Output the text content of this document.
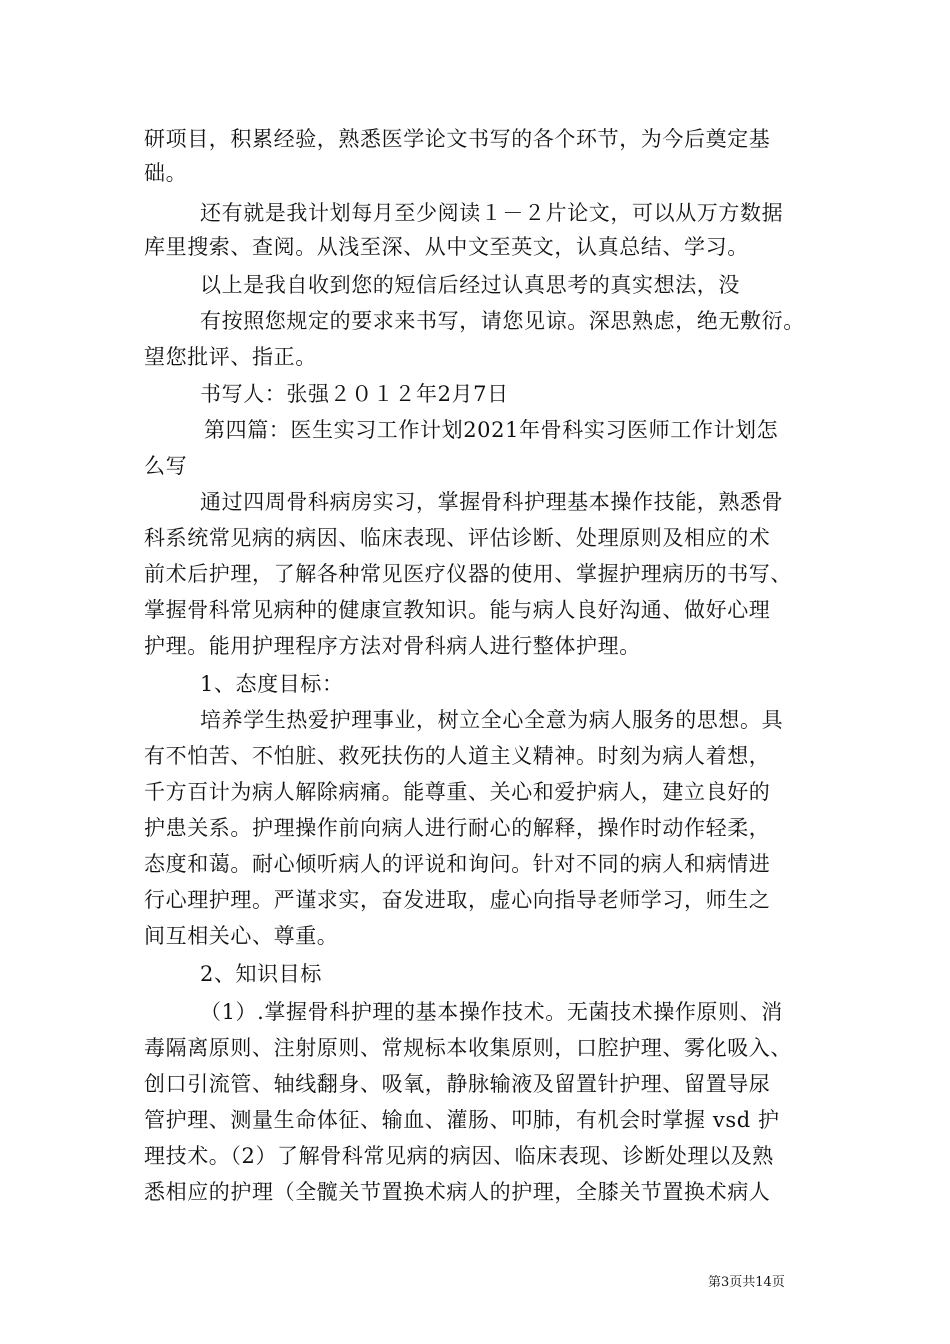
研项目，积累经验，熟悉医学论文书写的各个环节，为今后奠定基
础。
还有就是我计划每月至少阅读１－２片论文，可以从万方数据
库里搜索、查阅。从浅至深、从中文至英文，认真总结、学习。
以上是我自收到您的短信后经过认真思考的真实想法，没
有按照您规定的要求来书写，请您见谅。深思熟虑，绝无敷衍。
望您批评、指正。
书写人：张强２０１２年2月7日
第四篇：医生实习工作计划2021年骨科实习医师工作计划怎
么写
通过四周骨科病房实习，掌握骨科护理基本操作技能，熟悉骨
科系统常见病的病因、临床表现、评估诊断、处理原则及相应的术
前术后护理，了解各种常见医疗仪器的使用、掌握护理病历的书写、
掌握骨科常见病种的健康宣教知识。能与病人良好沟通、做好心理
护理。能用护理程序方法对骨科病人进行整体护理。
1、态度目标：
培养学生热爱护理事业，树立全心全意为病人服务的思想。具
有不怕苦、不怕脏、救死扶伤的人道主义精神。时刻为病人着想，
千方百计为病人解除病痛。能尊重、关心和爱护病人，建立良好的
护患关系。护理操作前向病人进行耐心的解释，操作时动作轻柔，
态度和蔼。耐心倾听病人的评说和询问。针对不同的病人和病情进
行心理护理。严谨求实，奋发进取，虚心向指导老师学习，师生之
间互相关心、尊重。
2、知识目标
（1）.掌握骨科护理的基本操作技术。无菌技术操作原则、消
毒隔离原则、注射原则、常规标本收集原则，口腔护理、雾化吸入、
创口引流管、轴线翻身、吸氧，静脉输液及留置针护理、留置导尿
管护理、测量生命体征、输血、灌肠、叩肺，有机会时掌握 vsd 护
理技术。（2）了解骨科常见病的病因、临床表现、诊断处理以及熟
悉相应的护理（全髋关节置换术病人的护理，全膝关节置换术病人
第3页共14页
